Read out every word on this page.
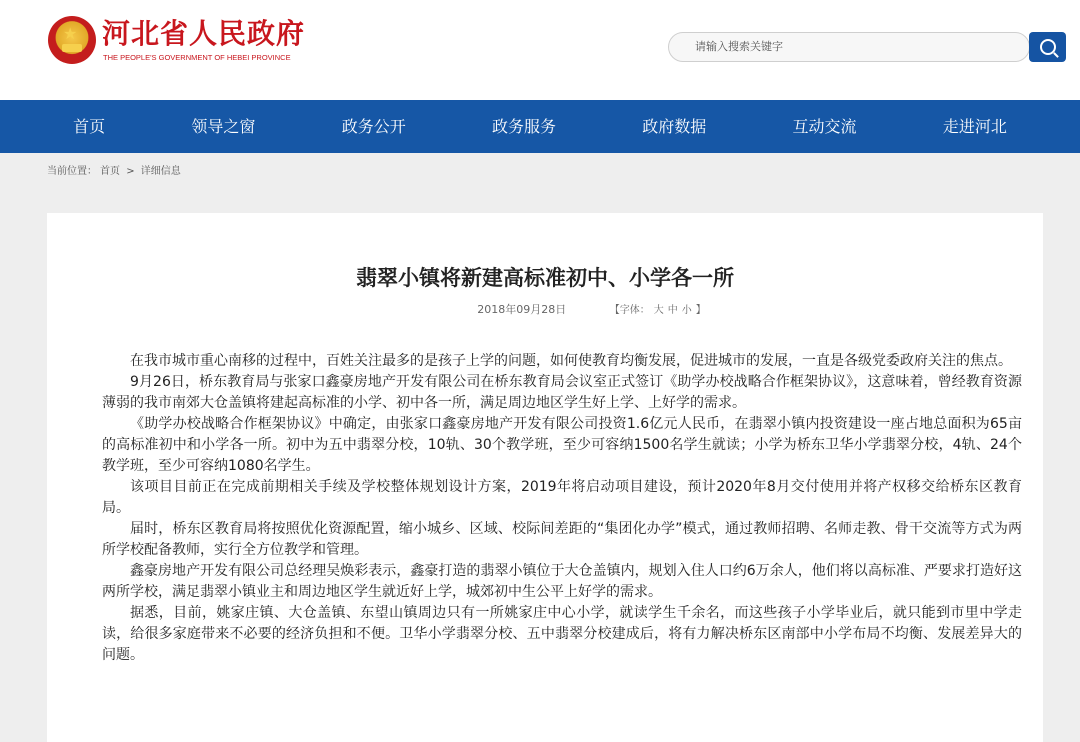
★ 河北省人民政府
THE PEOPLE'S GOVERNMENT OF HEBEI PROVINCE
请输入搜索关键字
首页	领导之窗	政务公开	政务服务	政府数据	互动交流	走进河北
当前位置： 首页 > 详细信息
翡翠小镇将新建高标准初中、小学各一所
2018年09月28日	【字体： 大 中 小 】

在我市城市重心南移的过程中，百姓关注最多的是孩子上学的问题，如何使教育均衡发展，促进城市的发展，一直是各级党委政府关注的焦点。

9月26日，桥东教育局与张家口鑫豪房地产开发有限公司在桥东教育局会议室正式签订《助学办校战略合作框架协议》，这意味着，曾经教育资源薄弱的我市南郊大仓盖镇将建起高标准的小学、初中各一所，满足周边地区学生好上学、上好学的需求。

《助学办校战略合作框架协议》中确定，由张家口鑫豪房地产开发有限公司投资1.6亿元人民币，在翡翠小镇内投资建设一座占地总面积为65亩的高标准初中和小学各一所。初中为五中翡翠分校，10轨、30个教学班，至少可容纳1500名学生就读；小学为桥东卫华小学翡翠分校，4轨、24个教学班，至少可容纳1080名学生。

该项目目前正在完成前期相关手续及学校整体规划设计方案，2019年将启动项目建设，预计2020年8月交付使用并将产权移交给桥东区教育局。

届时，桥东区教育局将按照优化资源配置，缩小城乡、区域、校际间差距的“集团化办学”模式，通过教师招聘、名师走教、骨干交流等方式为两所学校配备教师，实行全方位教学和管理。

鑫豪房地产开发有限公司总经理吴焕彩表示，鑫豪打造的翡翠小镇位于大仓盖镇内，规划入住人口约6万余人，他们将以高标准、严要求打造好这两所学校，满足翡翠小镇业主和周边地区学生就近好上学，城郊初中生公平上好学的需求。

据悉，目前，姚家庄镇、大仓盖镇、东望山镇周边只有一所姚家庄中心小学，就读学生千余名，而这些孩子小学毕业后，就只能到市里中学走读，给很多家庭带来不必要的经济负担和不便。卫华小学翡翠分校、五中翡翠分校建成后，将有力解决桥东区南部中小学布局不均衡、发展差异大的问题。
